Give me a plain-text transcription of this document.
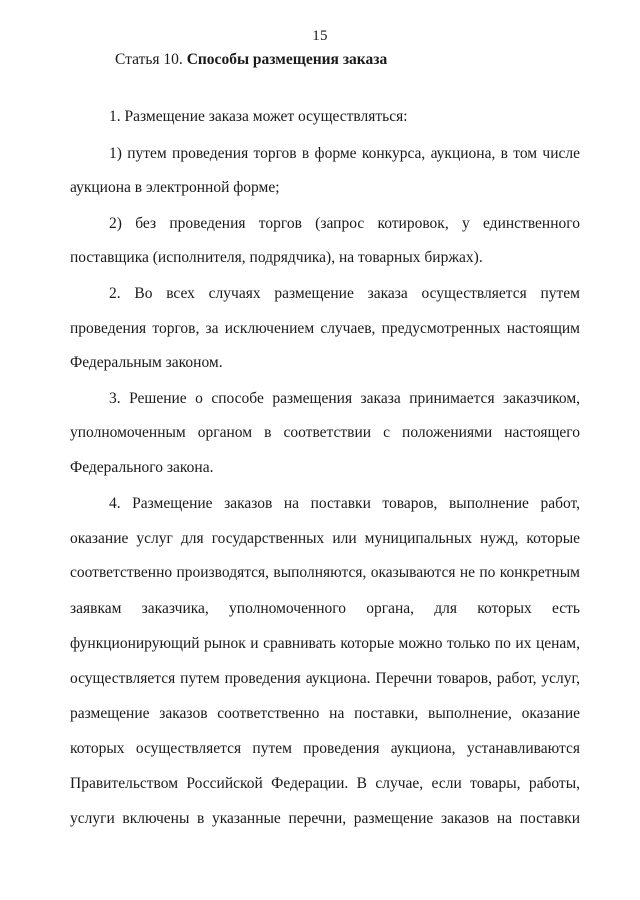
15
Статья 10. Способы размещения заказа
1. Размещение заказа может осуществляться:
1) путем проведения торгов в форме конкурса, аукциона, в том числе
аукциона в электронной форме;
2) без проведения торгов (запрос котировок, у единственного
поставщика (исполнителя, подрядчика), на товарных биржах).
2. Во всех случаях размещение заказа осуществляется путем
проведения торгов, за исключением случаев, предусмотренных настоящим
Федеральным законом.
3. Решение о способе размещения заказа принимается заказчиком,
уполномоченным органом в соответствии с положениями настоящего
Федерального закона.
4. Размещение заказов на поставки товаров, выполнение работ,
оказание услуг для государственных или муниципальных нужд, которые
соответственно производятся, выполняются, оказываются не по конкретным
заявкам заказчика, уполномоченного органа, для которых есть
функционирующий рынок и сравнивать которые можно только по их ценам,
осуществляется путем проведения аукциона. Перечни товаров, работ, услуг,
размещение заказов соответственно на поставки, выполнение, оказание
которых осуществляется путем проведения аукциона, устанавливаются
Правительством Российской Федерации. В случае, если товары, работы,
услуги включены в указанные перечни, размещение заказов на поставки
